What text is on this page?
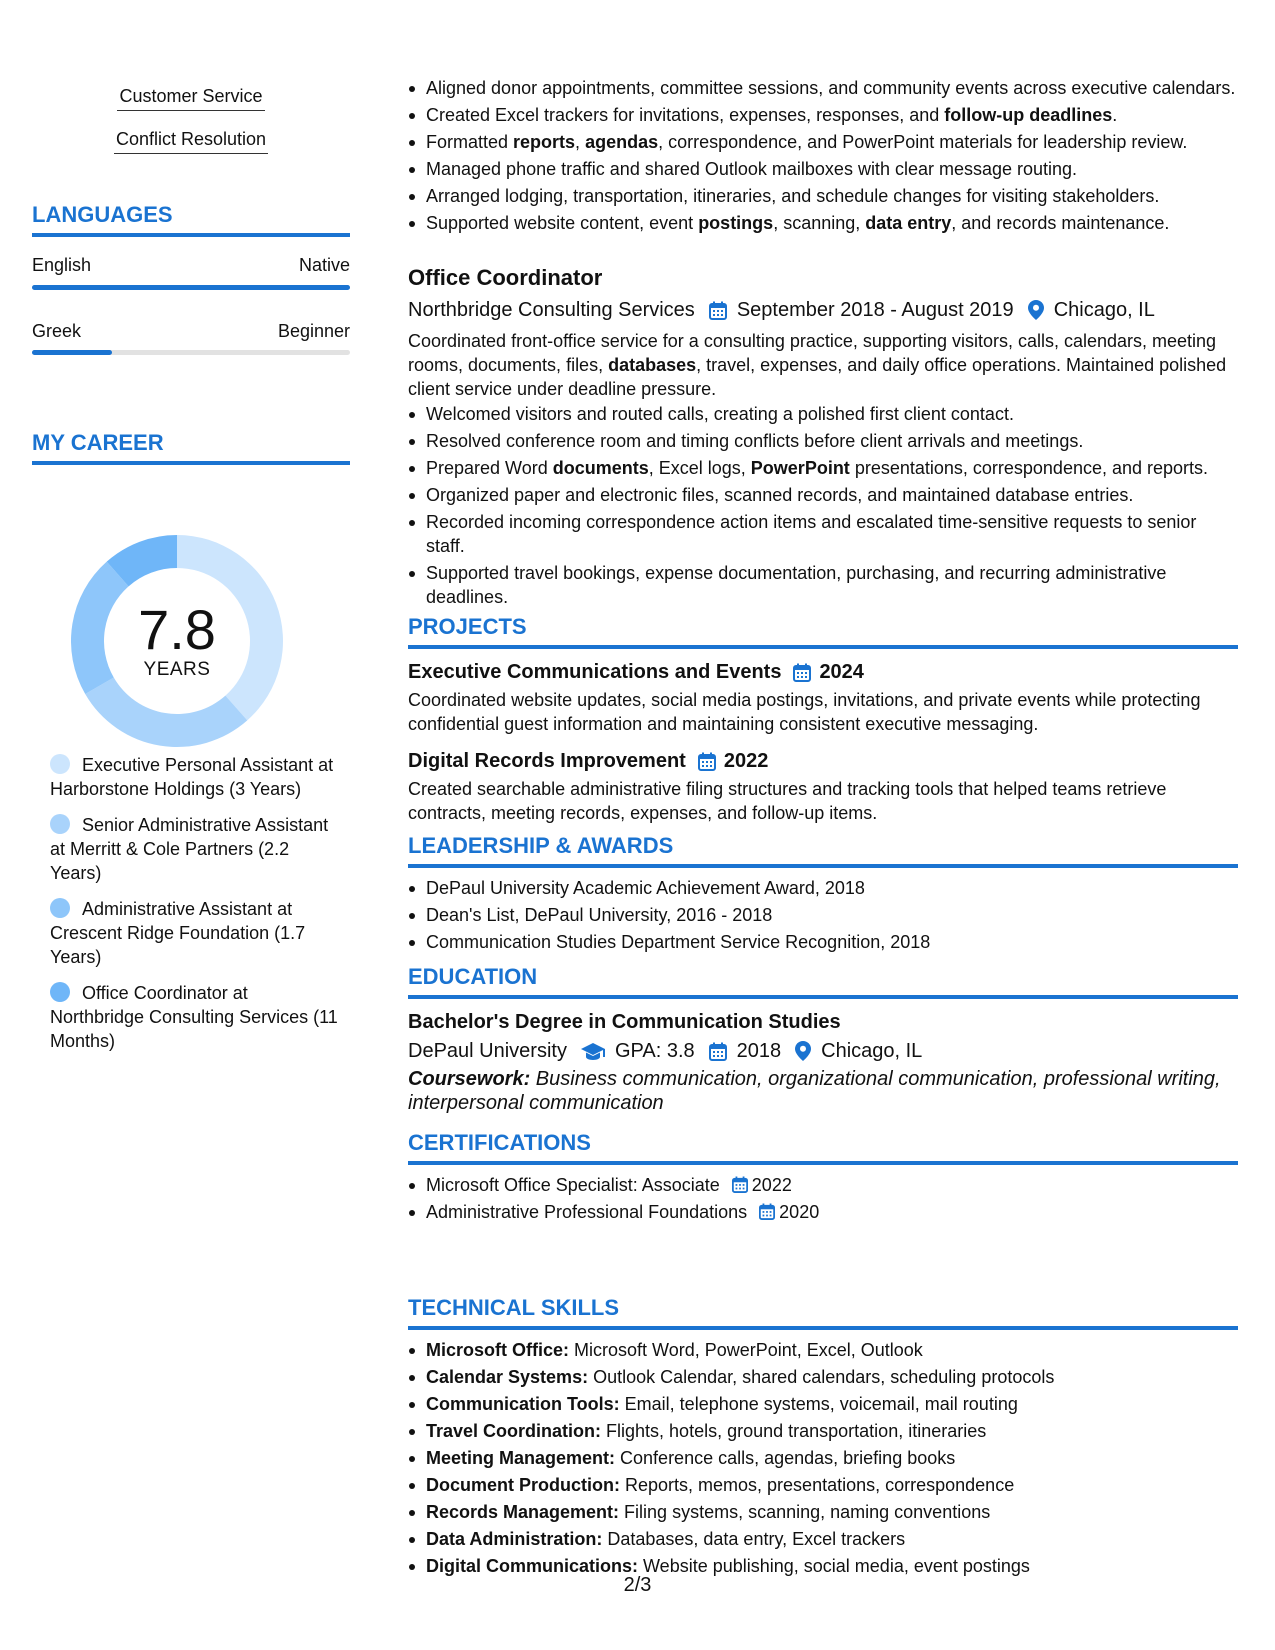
Customer Service
Conflict Resolution
LANGUAGES
English	Native
Greek	Beginner
MY CAREER
7.8
YEARS
Executive Personal Assistant at Harborstone Holdings (3 Years)
Senior Administrative Assistant at Merritt & Cole Partners (2.2 Years)
Administrative Assistant at Crescent Ridge Foundation (1.7 Years)
Office Coordinator at Northbridge Consulting Services (11 Months)
Aligned donor appointments, committee sessions, and community events across executive calendars.
Created Excel trackers for invitations, expenses, responses, and follow-up deadlines.
Formatted reports, agendas, correspondence, and PowerPoint materials for leadership review.
Managed phone traffic and shared Outlook mailboxes with clear message routing.
Arranged lodging, transportation, itineraries, and schedule changes for visiting stakeholders.
Supported website content, event postings, scanning, data entry, and records maintenance.
Office Coordinator
Northbridge Consulting Services September 2018 - August 2019 Chicago, IL
Coordinated front-office service for a consulting practice, supporting visitors, calls, calendars, meeting rooms, documents, files, databases, travel, expenses, and daily office operations. Maintained polished client service under deadline pressure.
Welcomed visitors and routed calls, creating a polished first client contact.
Resolved conference room and timing conflicts before client arrivals and meetings.
Prepared Word documents, Excel logs, PowerPoint presentations, correspondence, and reports.
Organized paper and electronic files, scanned records, and maintained database entries.
Recorded incoming correspondence action items and escalated time-sensitive requests to senior staff.
Supported travel bookings, expense documentation, purchasing, and recurring administrative deadlines.
PROJECTS
Executive Communications and Events 2024
Coordinated website updates, social media postings, invitations, and private events while protecting confidential guest information and maintaining consistent executive messaging.
Digital Records Improvement 2022
Created searchable administrative filing structures and tracking tools that helped teams retrieve contracts, meeting records, expenses, and follow-up items.
LEADERSHIP & AWARDS
DePaul University Academic Achievement Award, 2018
Dean's List, DePaul University, 2016 - 2018
Communication Studies Department Service Recognition, 2018
EDUCATION
Bachelor's Degree in Communication Studies
DePaul University GPA: 3.8 2018 Chicago, IL
Coursework: Business communication, organizational communication, professional writing, interpersonal communication
CERTIFICATIONS
Microsoft Office Specialist: Associate 2022
Administrative Professional Foundations 2020
TECHNICAL SKILLS
Microsoft Office: Microsoft Word, PowerPoint, Excel, Outlook
Calendar Systems: Outlook Calendar, shared calendars, scheduling protocols
Communication Tools: Email, telephone systems, voicemail, mail routing
Travel Coordination: Flights, hotels, ground transportation, itineraries
Meeting Management: Conference calls, agendas, briefing books
Document Production: Reports, memos, presentations, correspondence
Records Management: Filing systems, scanning, naming conventions
Data Administration: Databases, data entry, Excel trackers
Digital Communications: Website publishing, social media, event postings
2/3
